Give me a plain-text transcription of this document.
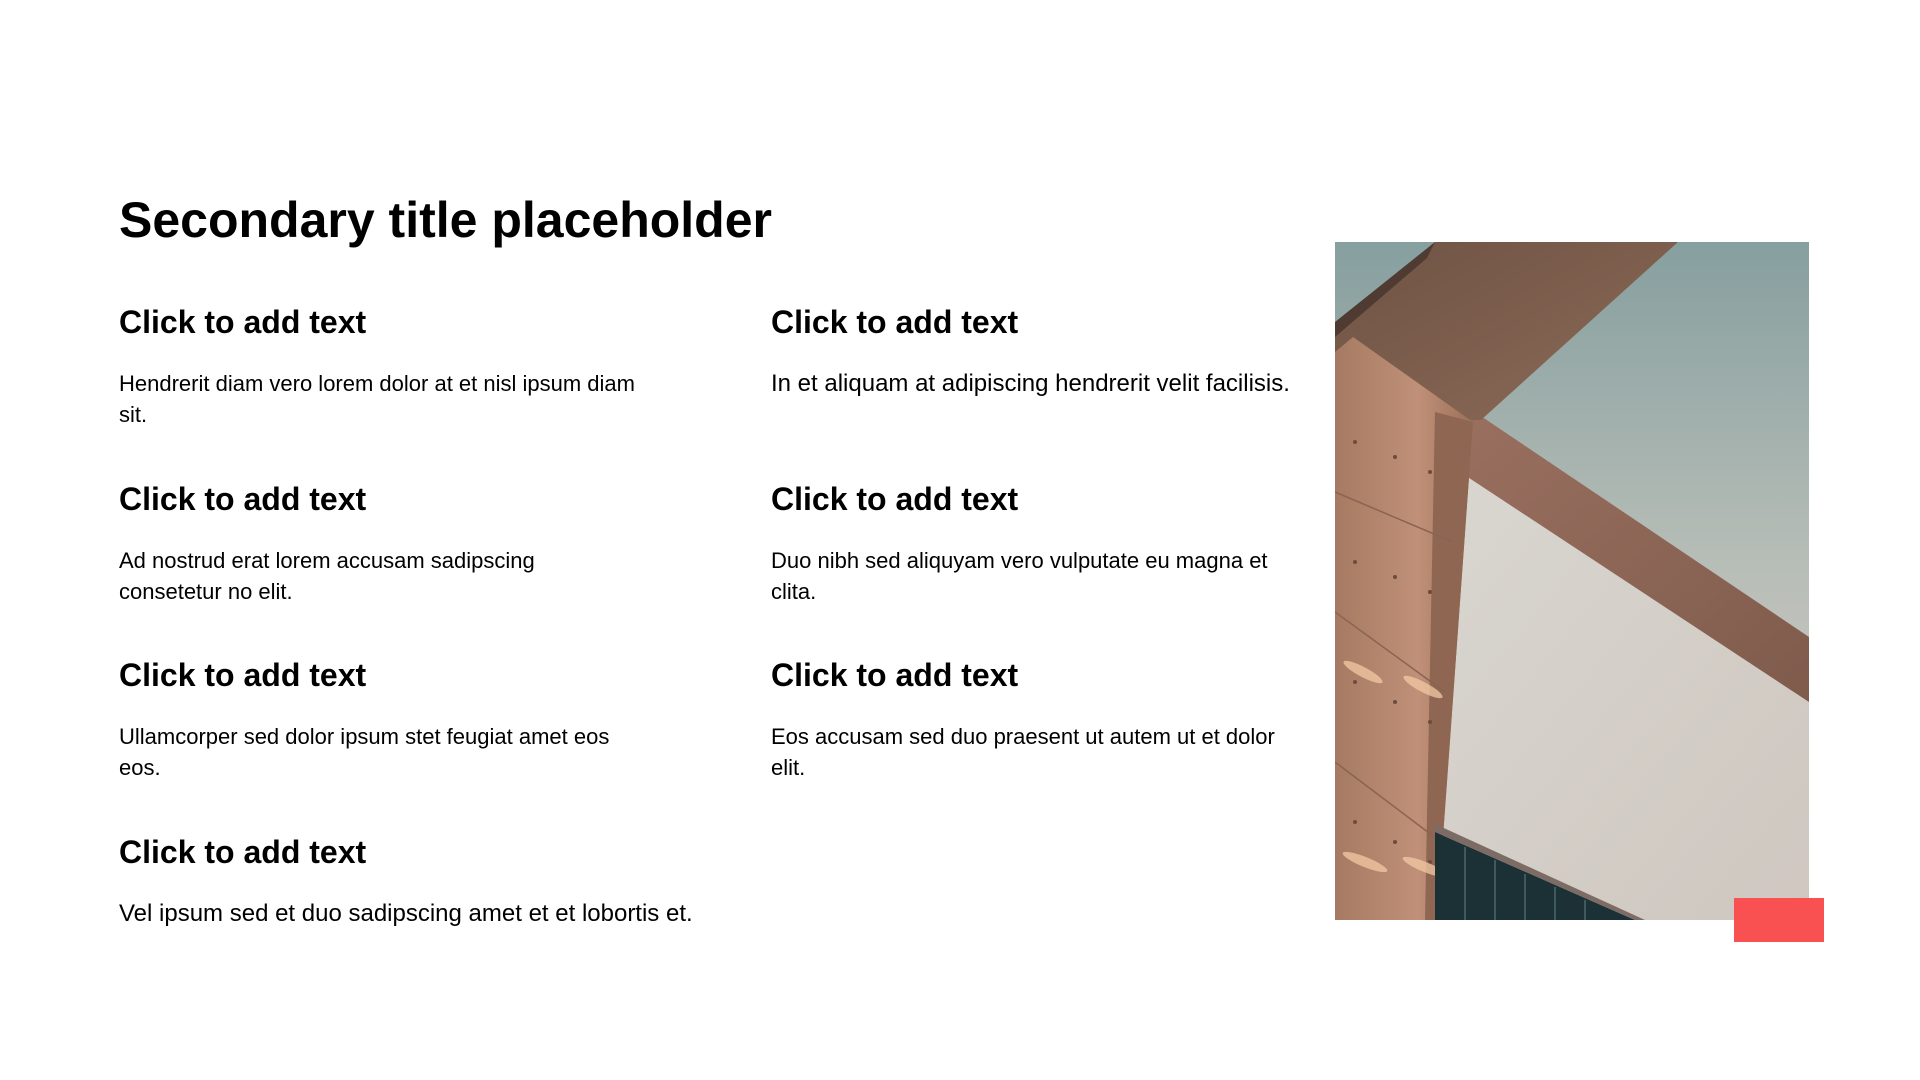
Secondary title placeholder
Click to add text

Hendrerit diam vero lorem dolor at et nisl ipsum diam sit.

Click to add text

Ad nostrud erat lorem accusam sadipscing consetetur no elit.

Click to add text

Ullamcorper sed dolor ipsum stet feugiat amet eos eos.

Click to add text

Vel ipsum sed et duo sadipscing amet et et lobortis et.

Click to add text

In et aliquam at adipiscing hendrerit velit facilisis.

Click to add text

Duo nibh sed aliquyam vero vulputate eu magna et clita.

Click to add text

Eos accusam sed duo praesent ut autem ut et dolor elit.
